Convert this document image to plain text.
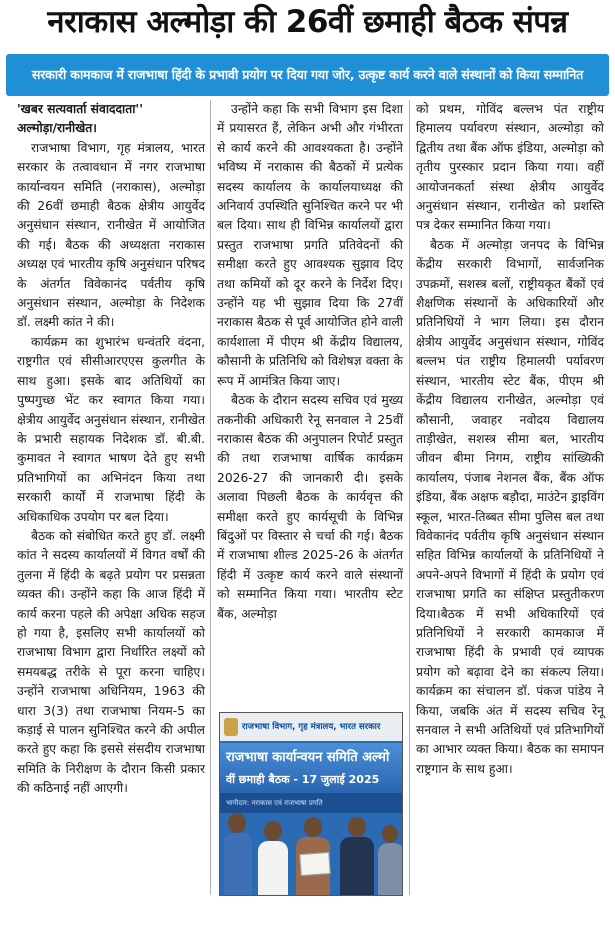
नराकास अल्मोड़ा की 26वीं छमाही बैठक संपन्न
सरकारी कामकाज में राजभाषा हिंदी के प्रभावी प्रयोग पर दिया गया जोर, उत्कृष्ट कार्य करने वाले संस्थानों को किया सम्मानित

'खबर सत्यवार्ता संवाददाता''

अल्मोड़ा/रानीखेत।

राजभाषा विभाग, गृह मंत्रालय, भारत सरकार के तत्वावधान में नगर राजभाषा कार्यान्वयन समिति (नराकास), अल्मोड़ा की 26वीं छमाही बैठक क्षेत्रीय आयुर्वेद अनुसंधान संस्थान, रानीखेत में आयोजित की गई। बैठक की अध्यक्षता नराकास अध्यक्ष एवं भारतीय कृषि अनुसंधान परिषद के अंतर्गत विवेकानंद पर्वतीय कृषि अनुसंधान संस्थान, अल्मोड़ा के निदेशक डॉ. लक्ष्मी कांत ने की।

कार्यक्रम का शुभारंभ धन्वंतरि वंदना, राष्ट्रगीत एवं सीसीआरएएस कुलगीत के साथ हुआ। इसके बाद अतिथियों का पुष्पगुच्छ भेंट कर स्वागत किया गया। क्षेत्रीय आयुर्वेद अनुसंधान संस्थान, रानीखेत के प्रभारी सहायक निदेशक डॉ. बी.बी. कुमावत ने स्वागत भाषण देते हुए सभी प्रतिभागियों का अभिनंदन किया तथा सरकारी कार्यों में राजभाषा हिंदी के अधिकाधिक उपयोग पर बल दिया।

बैठक को संबोधित करते हुए डॉ. लक्ष्मी कांत ने सदस्य कार्यालयों में विगत वर्षों की तुलना में हिंदी के बढ़ते प्रयोग पर प्रसन्नता व्यक्त की। उन्होंने कहा कि आज हिंदी में कार्य करना पहले की अपेक्षा अधिक सहज हो गया है, इसलिए सभी कार्यालयों को राजभाषा विभाग द्वारा निर्धारित लक्ष्यों को समयबद्ध तरीके से पूरा करना चाहिए। उन्होंने राजभाषा अधिनियम, 1963 की धारा 3(3) तथा राजभाषा नियम-5 का कड़ाई से पालन सुनिश्चित करने की अपील करते हुए कहा कि इससे संसदीय राजभाषा समिति के निरीक्षण के दौरान किसी प्रकार की कठिनाई नहीं आएगी।

उन्होंने कहा कि सभी विभाग इस दिशा में प्रयासरत हैं, लेकिन अभी और गंभीरता से कार्य करने की आवश्यकता है। उन्होंने भविष्य में नराकास की बैठकों में प्रत्येक सदस्य कार्यालय के कार्यालयाध्यक्ष की अनिवार्य उपस्थिति सुनिश्चित करने पर भी बल दिया। साथ ही विभिन्न कार्यालयों द्वारा प्रस्तुत राजभाषा प्रगति प्रतिवेदनों की समीक्षा करते हुए आवश्यक सुझाव दिए तथा कमियों को दूर करने के निर्देश दिए। उन्होंने यह भी सुझाव दिया कि 27वीं नराकास बैठक से पूर्व आयोजित होने वाली कार्यशाला में पीएम श्री केंद्रीय विद्यालय, कौसानी के प्रतिनिधि को विशेषज्ञ वक्ता के रूप में आमंत्रित किया जाए।

बैठक के दौरान सदस्य सचिव एवं मुख्य तकनीकी अधिकारी रेनू सनवाल ने 25वीं नराकास बैठक की अनुपालन रिपोर्ट प्रस्तुत की तथा राजभाषा वार्षिक कार्यक्रम 2026-27 की जानकारी दी। इसके अलावा पिछली बैठक के कार्यवृत्त की समीक्षा करते हुए कार्यसूची के विभिन्न बिंदुओं पर विस्तार से चर्चा की गई। बैठक में राजभाषा शील्ड 2025-26 के अंतर्गत हिंदी में उत्कृष्ट कार्य करने वाले संस्थानों को सम्मानित किया गया। भारतीय स्टेट बैंक, अल्मोड़ा

को प्रथम, गोविंद बल्लभ पंत राष्ट्रीय हिमालय पर्यावरण संस्थान, अल्मोड़ा को द्वितीय तथा बैंक ऑफ इंडिया, अल्मोड़ा को तृतीय पुरस्कार प्रदान किया गया। वहीं आयोजनकर्ता संस्था क्षेत्रीय आयुर्वेद अनुसंधान संस्थान, रानीखेत को प्रशस्ति पत्र देकर सम्मानित किया गया।

बैठक में अल्मोड़ा जनपद के विभिन्न केंद्रीय सरकारी विभागों, सार्वजनिक उपक्रमों, सशस्त्र बलों, राष्ट्रीयकृत बैंकों एवं शैक्षणिक संस्थानों के अधिकारियों और प्रतिनिधियों ने भाग लिया। इस दौरान क्षेत्रीय आयुर्वेद अनुसंधान संस्थान, गोविंद बल्लभ पंत राष्ट्रीय हिमालयी पर्यावरण संस्थान, भारतीय स्टेट बैंक, पीएम श्री केंद्रीय विद्यालय रानीखेत, अल्मोड़ा एवं कौसानी, जवाहर नवोदय विद्यालय ताड़ीखेत, सशस्त्र सीमा बल, भारतीय जीवन बीमा निगम, राष्ट्रीय सांख्यिकी कार्यालय, पंजाब नेशनल बैंक, बैंक ऑफ इंडिया, बैंक अक्षफ बड़ौदा, माउंटेन ड्राइविंग स्कूल, भारत-तिब्बत सीमा पुलिस बल तथा विवेकानंद पर्वतीय कृषि अनुसंधान संस्थान सहित विभिन्न कार्यालयों के प्रतिनिधियों ने अपने-अपने विभागों में हिंदी के प्रयोग एवं राजभाषा प्रगति का संक्षिप्त प्रस्तुतीकरण दिया।बैठक में सभी अधिकारियों एवं प्रतिनिधियों ने सरकारी कामकाज में राजभाषा हिंदी के प्रभावी एवं व्यापक प्रयोग को बढ़ावा देने का संकल्प लिया। कार्यक्रम का संचालन डॉ. पंकज पांडेय ने किया, जबकि अंत में सदस्य सचिव रेनू सनवाल ने सभी अतिथियों एवं प्रतिभागियों का आभार व्यक्त किया। बैठक का समापन राष्ट्रगान के साथ हुआ।

राजभाषा विभाग, गृह मंत्रालय, भारत सरकार
राजभाषा कार्यान्वयन समिति अल्मो
वीं छमाही बैठक - 17 जुलाई 2025
भागीदार: नराकास एवं राजभाषा प्रगति
